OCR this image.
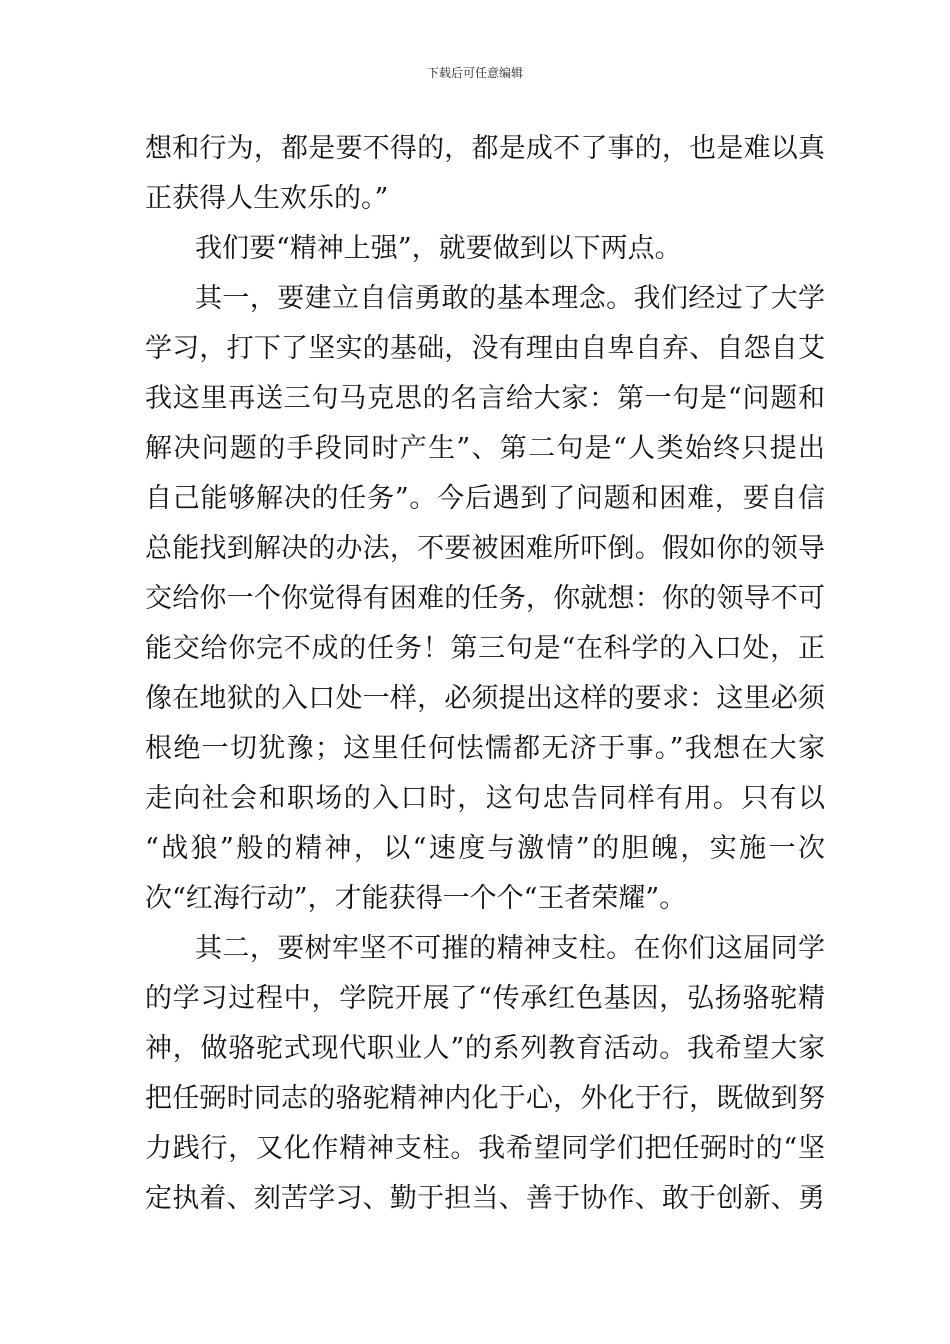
下载后可任意编辑
想和行为，都是要不得的，都是成不了事的，也是难以真
正获得人生欢乐的。”
我们要“精神上强”，就要做到以下两点。
其一，要建立自信勇敢的基本理念。我们经过了大学
学习，打下了坚实的基础，没有理由自卑自弃、自怨自艾
我这里再送三句马克思的名言给大家：第一句是“问题和
解决问题的手段同时产生”、第二句是“人类始终只提出
自己能够解决的任务”。今后遇到了问题和困难，要自信
总能找到解决的办法，不要被困难所吓倒。假如你的领导
交给你一个你觉得有困难的任务，你就想：你的领导不可
能交给你完不成的任务！第三句是“在科学的入口处，正
像在地狱的入口处一样，必须提出这样的要求：这里必须
根绝一切犹豫；这里任何怯懦都无济于事。”我想在大家
走向社会和职场的入口时，这句忠告同样有用。只有以
“战狼”般的精神，以“速度与激情”的胆魄，实施一次
次“红海行动”，才能获得一个个“王者荣耀”。
其二，要树牢坚不可摧的精神支柱。在你们这届同学
的学习过程中，学院开展了“传承红色基因，弘扬骆驼精
神，做骆驼式现代职业人”的系列教育活动。我希望大家
把任弼时同志的骆驼精神内化于心，外化于行，既做到努
力践行，又化作精神支柱。我希望同学们把任弼时的“坚
定执着、刻苦学习、勤于担当、善于协作、敢于创新、勇
